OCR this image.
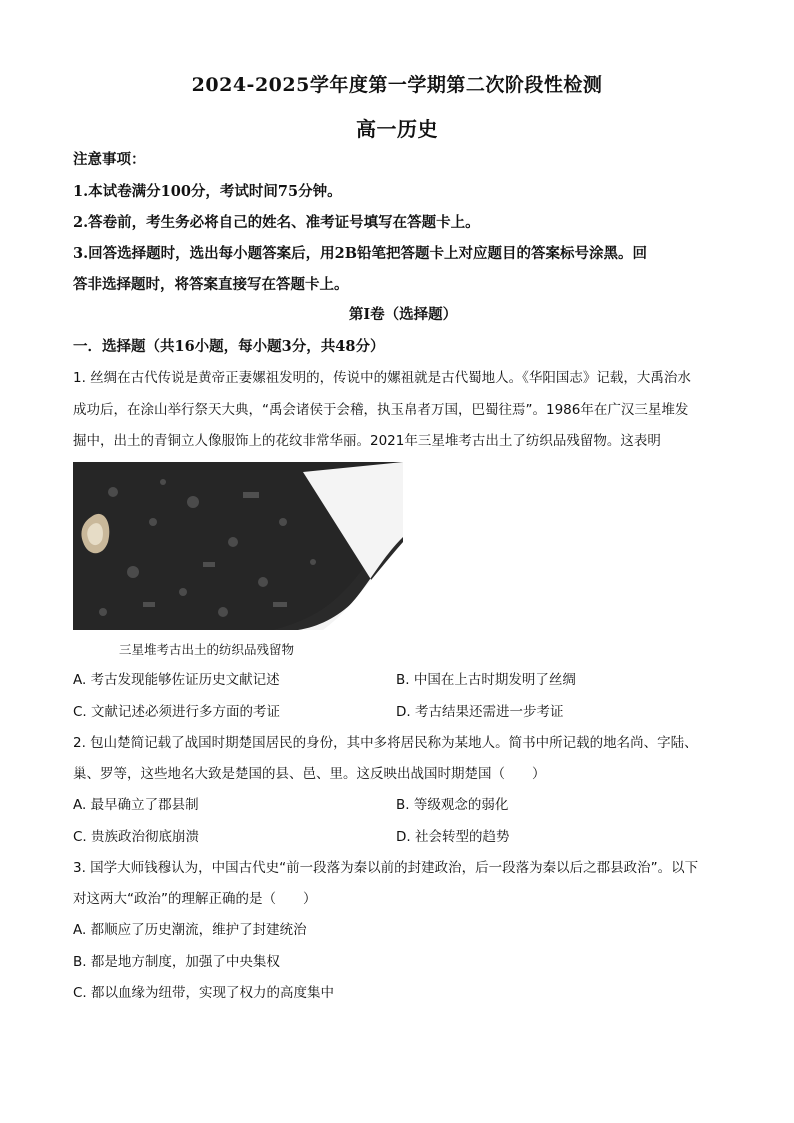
2024-2025学年度第一学期第二次阶段性检测
高一历史
注意事项：
1.本试卷满分100分，考试时间75分钟。
2.答卷前，考生务必将自己的姓名、准考证号填写在答题卡上。
3.回答选择题时，选出每小题答案后，用2B铅笔把答题卡上对应题目的答案标号涂黑。回
答非选择题时，将答案直接写在答题卡上。
第Ⅰ卷（选择题）
一．选择题（共16小题，每小题3分，共48分）
1. 丝绸在古代传说是黄帝正妻嫘祖发明的，传说中的嫘祖就是古代蜀地人。《华阳国志》记载，大禹治水
成功后，在涂山举行祭天大典，“禹会诸侯于会稽，执玉帛者万国，巴蜀往焉”。1986年在广汉三星堆发
掘中，出土的青铜立人像服饰上的花纹非常华丽。2021年三星堆考古出土了纺织品残留物。这表明
三星堆考古出土的纺织品残留物
A. 考古发现能够佐证历史文献记述	B. 中国在上古时期发明了丝绸
C. 文献记述必须进行多方面的考证	D. 考古结果还需进一步考证
2. 包山楚简记载了战国时期楚国居民的身份，其中多将居民称为某地人。简书中所记载的地名尚、字陆、
巢、罗等，这些地名大致是楚国的县、邑、里。这反映出战国时期楚国（　　）
A. 最早确立了郡县制	B. 等级观念的弱化
C. 贵族政治彻底崩溃	D. 社会转型的趋势
3. 国学大师钱穆认为，中国古代史“前一段落为秦以前的封建政治，后一段落为秦以后之郡县政治”。以下
对这两大“政治”的理解正确的是（　　）
A. 都顺应了历史潮流，维护了封建统治
B. 都是地方制度，加强了中央集权
C. 都以血缘为纽带，实现了权力的高度集中
